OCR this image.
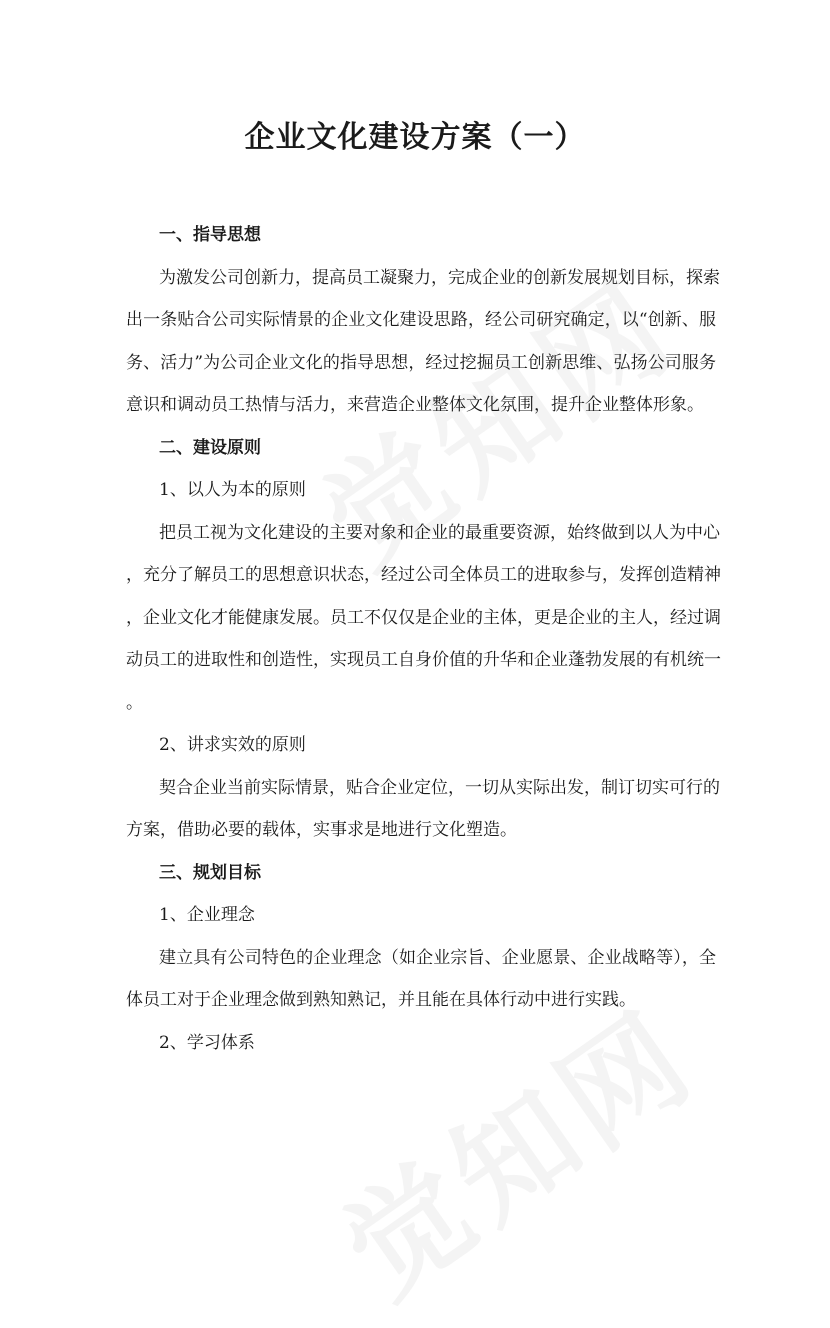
企业文化建设方案（一）

一、指导思想

为激发公司创新力，提高员工凝聚力，完成企业的创新发展规划目标，探索

出一条贴合公司实际情景的企业文化建设思路，经公司研究确定，以“创新、服

务、活力”为公司企业文化的指导思想，经过挖掘员工创新思维、弘扬公司服务

意识和调动员工热情与活力，来营造企业整体文化氛围，提升企业整体形象。

二、建设原则

1、以人为本的原则

把员工视为文化建设的主要对象和企业的最重要资源，始终做到以人为中心

，充分了解员工的思想意识状态，经过公司全体员工的进取参与，发挥创造精神

，企业文化才能健康发展。员工不仅仅是企业的主体，更是企业的主人，经过调

动员工的进取性和创造性，实现员工自身价值的升华和企业蓬勃发展的有机统一

。

2、讲求实效的原则

契合企业当前实际情景，贴合企业定位，一切从实际出发，制订切实可行的

方案，借助必要的载体，实事求是地进行文化塑造。

三、规划目标

1、企业理念

建立具有公司特色的企业理念（如企业宗旨、企业愿景、企业战略等），全

体员工对于企业理念做到熟知熟记，并且能在具体行动中进行实践。

2、学习体系
